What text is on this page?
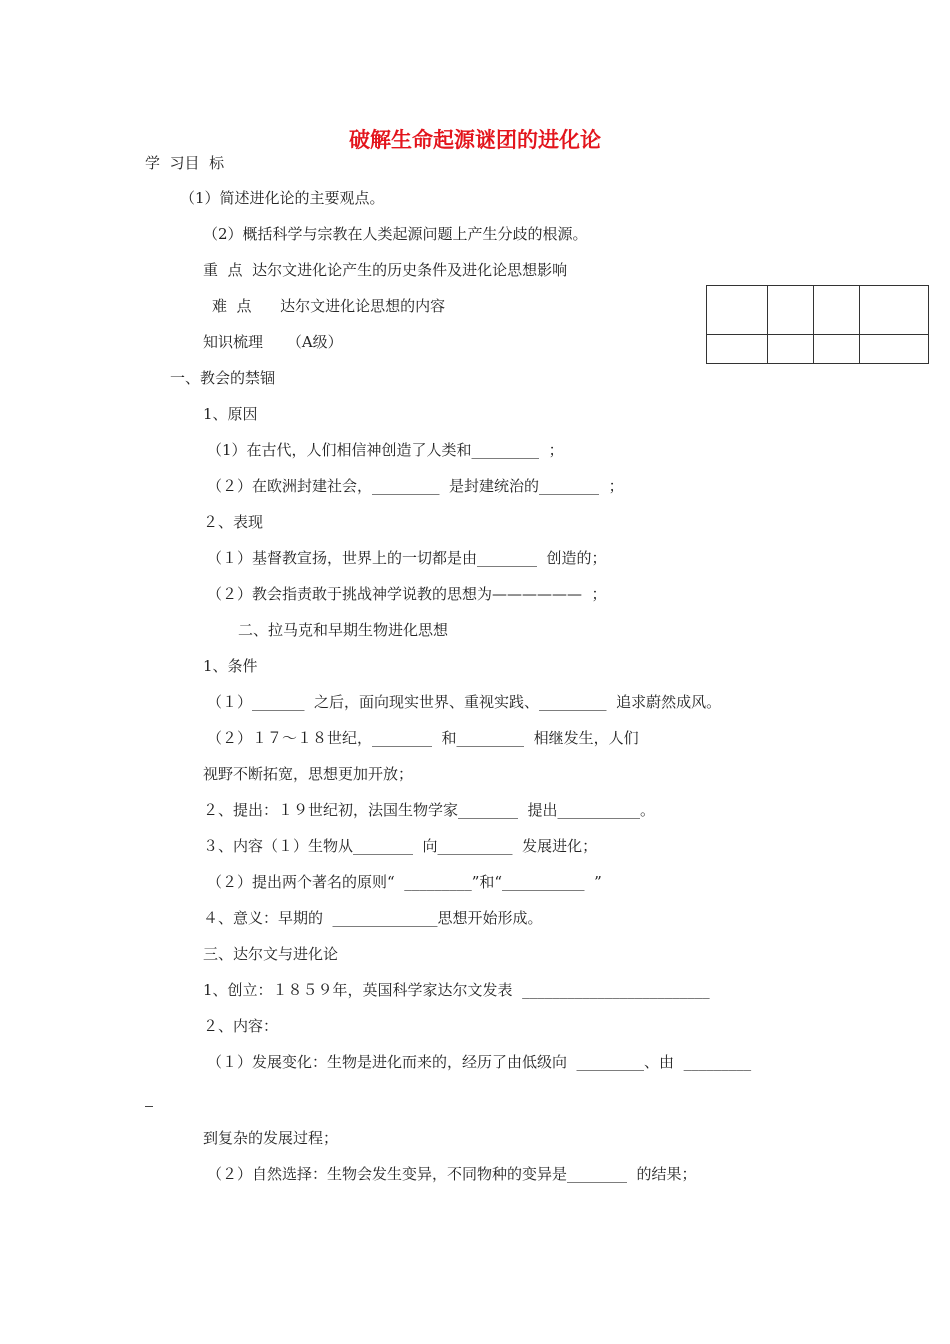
破解生命起源谜团的进化论
学  习目  标
（1）简述进化论的主要观点。
（2）概括科学与宗教在人类起源问题上产生分歧的根源。
重  点  达尔文进化论产生的历史条件及进化论思想影响
难  点      达尔文进化论思想的内容
知识梳理     （A级）
一、教会的禁锢
1、原因
（1）在古代，人们相信神创造了人类和_________  ；
（２）在欧洲封建社会，_________  是封建统治的________  ；
２、表现
（１）基督教宣扬，世界上的一切都是由________  创造的；
（２）教会指责敢于挑战神学说教的思想为——————  ；
二、拉马克和早期生物进化思想
1、条件
（１）_______  之后，面向现实世界、重视实践、_________  追求蔚然成风。
（２）１７～１８世纪，________  和_________  相继发生，人们
视野不断拓宽，思想更加开放；
２、提出：１９世纪初，法国生物学家________  提出___________。
３、内容（１）生物从________  向__________  发展进化；
（２）提出两个著名的原则“  _________”和“___________  ”
４、意义：早期的  ______________思想开始形成。
三、达尔文与进化论
1、创立：１８５９年，英国科学家达尔文发表  _________________________
２、内容：
（１）发展变化：生物是进化而来的，经历了由低级向  _________、由  _________
到复杂的发展过程；
（２）自然选择：生物会发生变异，不同物种的变异是________  的结果；
